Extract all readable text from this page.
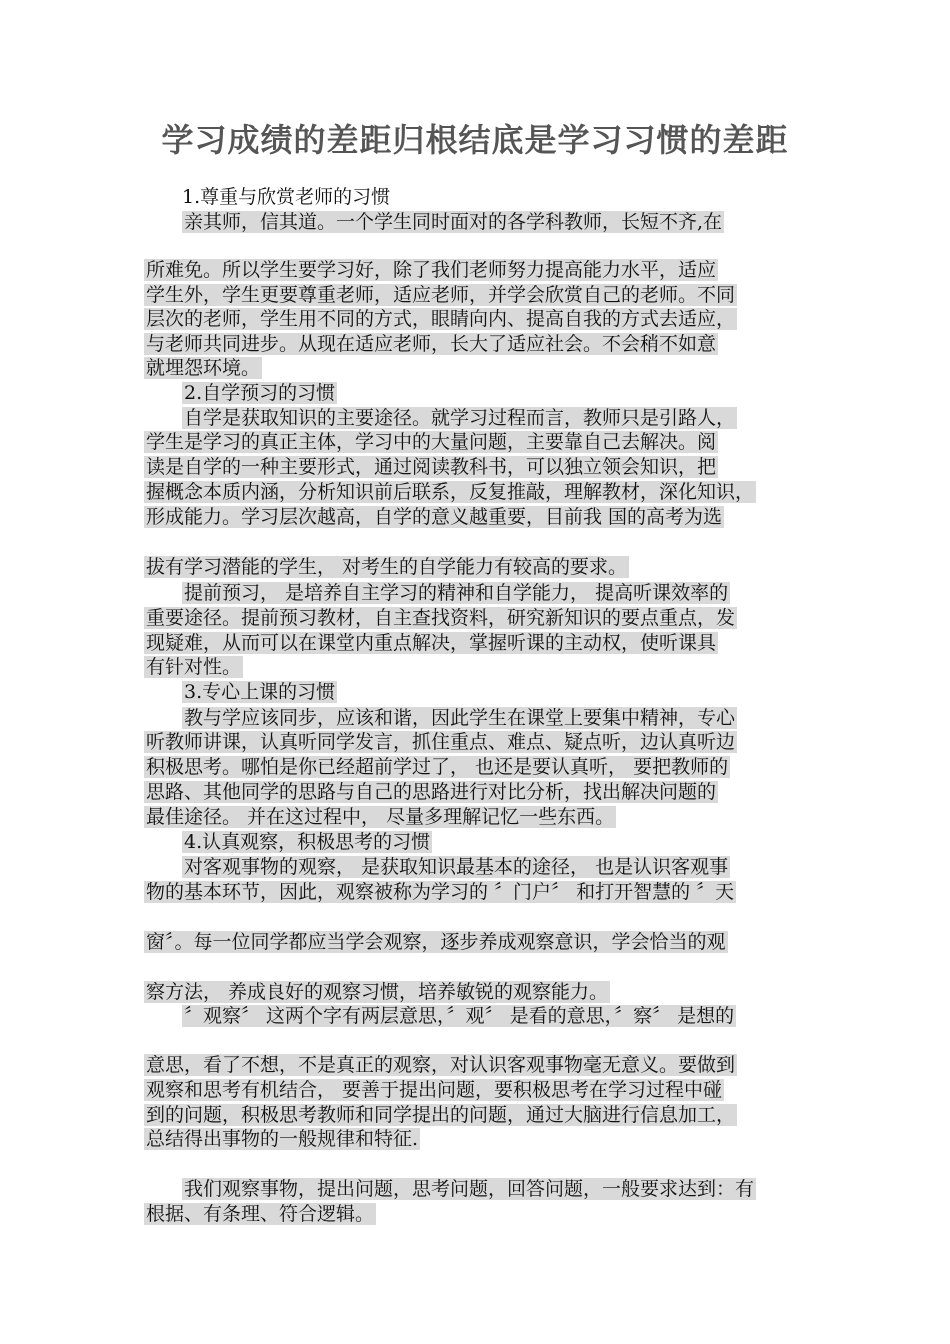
学习成绩的差距归根结底是学习习惯的差距
1.尊重与欣赏老师的习惯
亲其师，信其道。一个学生同时面对的各学科教师，长短不齐,在
所难免。所以学生要学习好，除了我们老师努力提高能力水平，适应
学生外，学生更要尊重老师，适应老师，并学会欣赏自己的老师。不同
层次的老师，学生用不同的方式，眼睛向内、提高自我的方式去适应，
与老师共同进步。从现在适应老师，长大了适应社会。不会稍不如意
就埋怨环境。
2.自学预习的习惯
自学是获取知识的主要途径。就学习过程而言，教师只是引路人，
学生是学习的真正主体，学习中的大量问题，主要靠自己去解决。阅
读是自学的一种主要形式，通过阅读教科书，可以独立领会知识，把
握概念本质内涵，分析知识前后联系，反复推敲，理解教材，深化知识，
形成能力。学习层次越高，自学的意义越重要，目前我 国的高考为选
拔有学习潜能的学生， 对考生的自学能力有较高的要求。
提前预习， 是培养自主学习的精神和自学能力， 提高听课效率的
重要途径。提前预习教材，自主查找资料，研究新知识的要点重点，发
现疑难，从而可以在课堂内重点解决，掌握听课的主动权，使听课具
有针对性。
3.专心上课的习惯
教与学应该同步，应该和谐，因此学生在课堂上要集中精神，专心
听教师讲课，认真听同学发言，抓住重点、难点、疑点听，边认真听边
积极思考。哪怕是你已经超前学过了， 也还是要认真听， 要把教师的
思路、其他同学的思路与自己的思路进行对比分析，找出解决问题的
最佳途径。 并在这过程中， 尽量多理解记忆一些东西。
4.认真观察，积极思考的习惯
对客观事物的观察， 是获取知识最基本的途径， 也是认识客观事
物的基本环节，因此，观察被称为学习的 〞门户〞 和打开智慧的 〞天
窗〞。每一位同学都应当学会观察，逐步养成观察意识，学会恰当的观
察方法， 养成良好的观察习惯，培养敏锐的观察能力。
〞观察〞 这两个字有两层意思，〞观〞 是看的意思，〞察〞 是想的
意思，看了不想，不是真正的观察，对认识客观事物毫无意义。要做到
观察和思考有机结合， 要善于提出问题，要积极思考在学习过程中碰
到的问题，积极思考教师和同学提出的问题，通过大脑进行信息加工，
总结得出事物的一般规律和特征.
我们观察事物，提出问题，思考问题，回答问题，一般要求达到：有
根据、有条理、符合逻辑。
